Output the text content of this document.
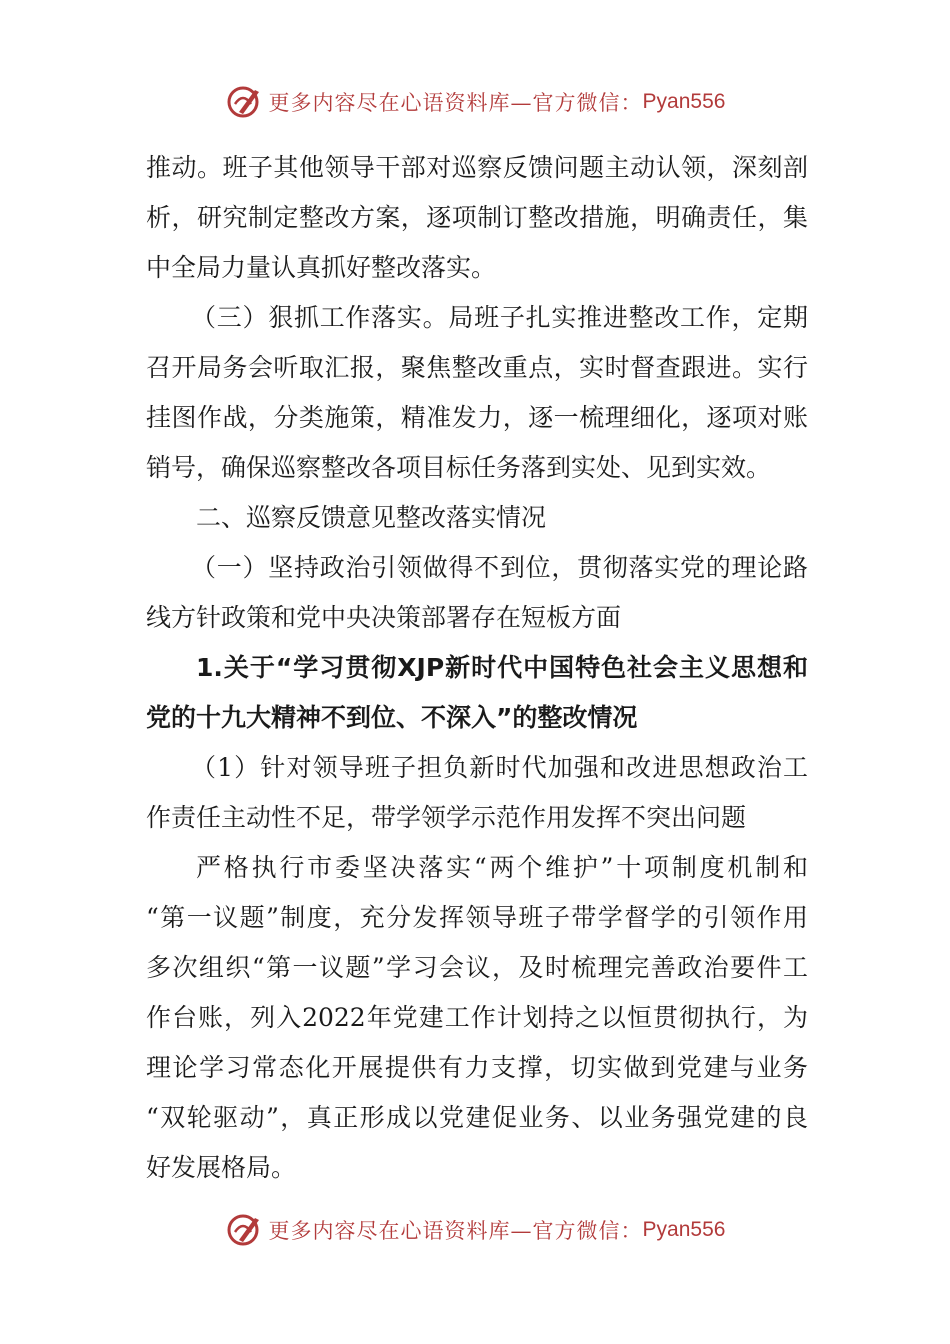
更多内容尽在心语资料库—官方微信： Pyan556
推动。班子其他领导干部对巡察反馈问题主动认领，深刻剖
析，研究制定整改方案，逐项制订整改措施，明确责任，集
中全局力量认真抓好整改落实。
（三）狠抓工作落实。局班子扎实推进整改工作，定期
召开局务会听取汇报，聚焦整改重点，实时督查跟进。实行
挂图作战，分类施策，精准发力，逐一梳理细化，逐项对账
销号，确保巡察整改各项目标任务落到实处、见到实效。
二、巡察反馈意见整改落实情况
（一）坚持政治引领做得不到位，贯彻落实党的理论路
线方针政策和党中央决策部署存在短板方面
1.关于“学习贯彻XJP新时代中国特色社会主义思想和
党的十九大精神不到位、不深入”的整改情况
（1）针对领导班子担负新时代加强和改进思想政治工
作责任主动性不足，带学领学示范作用发挥不突出问题
严格执行市委坚决落实“两个维护”十项制度机制和
“第一议题”制度，充分发挥领导班子带学督学的引领作用
多次组织“第一议题”学习会议，及时梳理完善政治要件工
作台账，列入2022年党建工作计划持之以恒贯彻执行，为
理论学习常态化开展提供有力支撑，切实做到党建与业务
“双轮驱动”，真正形成以党建促业务、以业务强党建的良
好发展格局。
更多内容尽在心语资料库—官方微信： Pyan556
